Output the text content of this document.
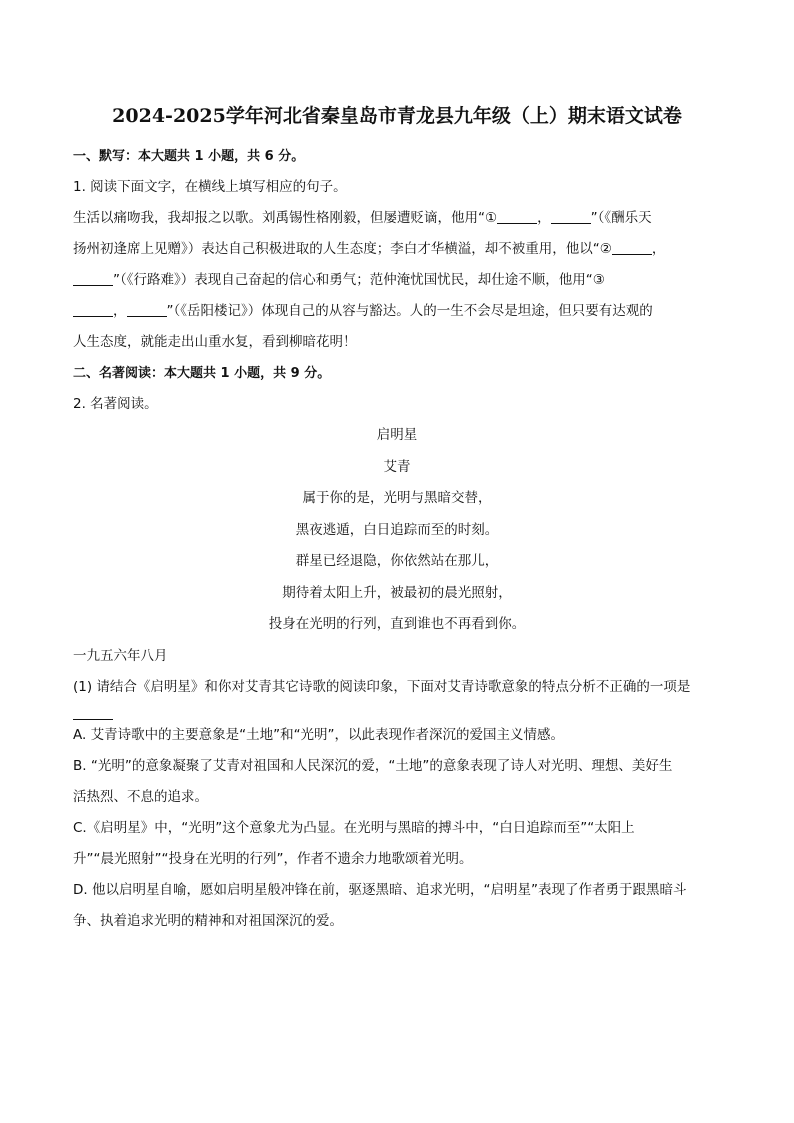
2024-2025学年河北省秦皇岛市青龙县九年级（上）期末语文试卷

一、默写：本大题共 1 小题，共 6 分。

1. 阅读下面文字，在横线上填写相应的句子。

生活以痛吻我，我却报之以歌。刘禹锡性格刚毅，但屡遭贬谪，他用“①	，	”（《酬乐天

扬州初逢席上见赠》）表达自己积极进取的人生态度；李白才华横溢，却不被重用，他以“②	，

”（《行路难》）表现自己奋起的信心和勇气；范仲淹忧国忧民，却仕途不顺，他用“③

，	”（《岳阳楼记》）体现自己的从容与豁达。人的一生不会尽是坦途，但只要有达观的

人生态度，就能走出山重水复，看到柳暗花明！

二、名著阅读：本大题共 1 小题，共 9 分。

2. 名著阅读。

启明星

艾青

属于你的是，光明与黑暗交替，

黑夜逃遁，白日追踪而至的时刻。

群星已经退隐，你依然站在那儿，

期待着太阳上升，被最初的晨光照射，

投身在光明的行列，直到谁也不再看到你。

一九五六年八月

(1) 请结合《启明星》和你对艾青其它诗歌的阅读印象，下面对艾青诗歌意象的特点分析不正确的一项是

A. 艾青诗歌中的主要意象是“土地”和“光明”，以此表现作者深沉的爱国主义情感。

B. “光明”的意象凝聚了艾青对祖国和人民深沉的爱，“土地”的意象表现了诗人对光明、理想、美好生

活热烈、不息的追求。

C.《启明星》中，“光明”这个意象尤为凸显。在光明与黑暗的搏斗中，“白日追踪而至”“太阳上

升”“晨光照射”“投身在光明的行列”，作者不遗余力地歌颂着光明。

D. 他以启明星自喻，愿如启明星般冲锋在前，驱逐黑暗、追求光明，“启明星”表现了作者勇于跟黑暗斗

争、执着追求光明的精神和对祖国深沉的爱。
